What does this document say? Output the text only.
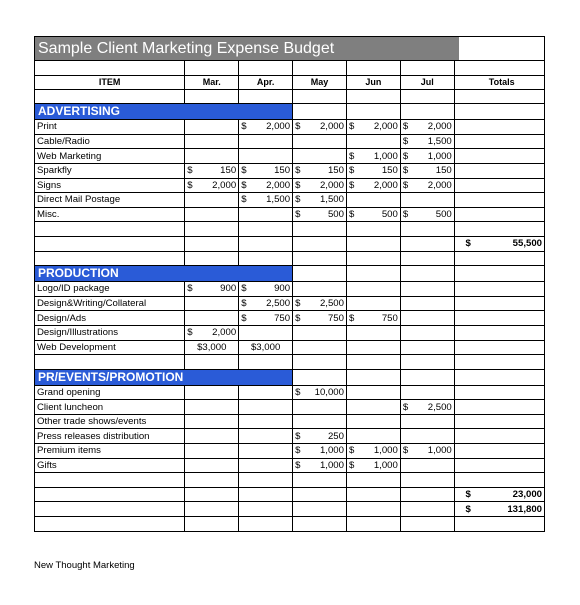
Sample Client Marketing Expense Budget							

ITEM	Mar.	Apr.	May	Jun	Jul		Totals

ADVERTISING							
Print		$ 2,000	$ 2,000	$ 2,000	$ 2,000		

Cable/Radio					$ 1,500		

Web Marketing				$ 1,000	$ 1,000		

Sparkfly	$ 150	$ 150	$ 150	$ 150	$ 150		

Signs	$ 2,000	$ 2,000	$ 2,000	$ 2,000	$ 2,000		

Direct Mail Postage		$ 1,500	$ 1,500				

Misc.			$ 500	$ 500	$ 500		

							$ 55,500

PRODUCTION							
Logo/ID package	$ 900	$ 900					

Design&Writing/Collateral		$ 2,500	$ 2,500				

Design/Ads		$ 750	$ 750	$ 750			

Design/Illustrations	$ 2,000						

Web Development	$3,000	$3,000					

PR/EVENTS/PROMOTION							
Grand opening			$ 10,000				

Client luncheon					$ 2,500		

Other trade shows/events							
Press releases distribution			$ 250				

Premium items			$ 1,000	$ 1,000	$ 1,000		

Gifts			$ 1,000	$ 1,000			

							$ 23,000

							$ 131,800

New Thought Marketing
